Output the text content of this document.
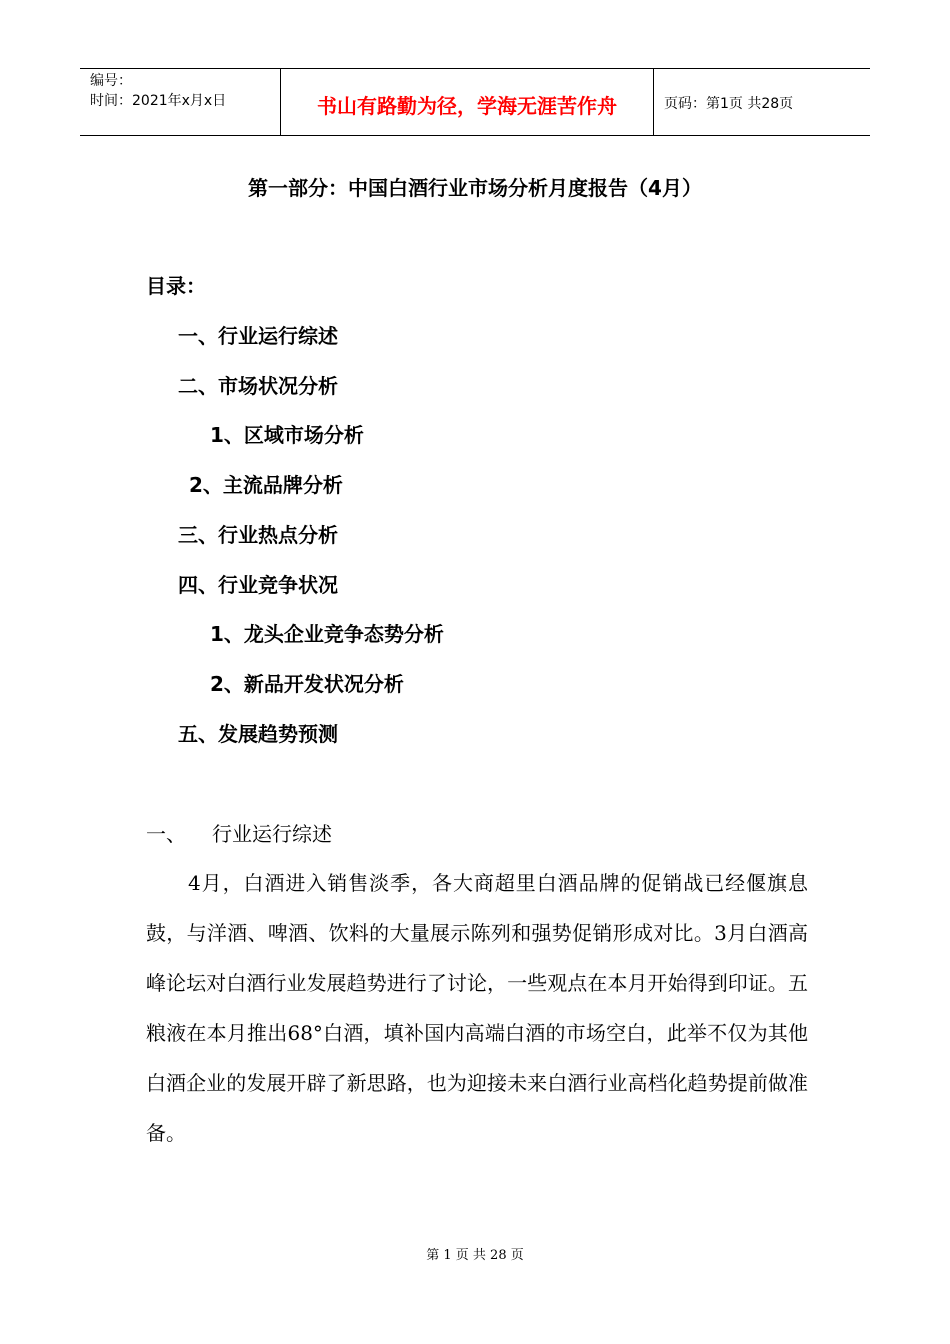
编号：
时间：2021年x月x日	书山有路勤为径，学海无涯苦作舟	页码：第1页 共28页
第一部分：中国白酒行业市场分析月度报告（4月）
目录：
一、行业运行综述
二、市场状况分析
1、区域市场分析
2、主流品牌分析
三、行业热点分析
四、行业竞争状况
1、龙头企业竞争态势分析
2、新品开发状况分析
五、发展趋势预测
一、 行业运行综述
4月，白酒进入销售淡季，各大商超里白酒品牌的促销战已经偃旗息鼓，与洋酒、啤酒、饮料的大量展示陈列和强势促销形成对比。3月白酒高峰论坛对白酒行业发展趋势进行了讨论，一些观点在本月开始得到印证。五粮液在本月推出68°白酒，填补国内高端白酒的市场空白，此举不仅为其他白酒企业的发展开辟了新思路，也为迎接未来白酒行业高档化趋势提前做准备。
第 1 页 共 28 页
